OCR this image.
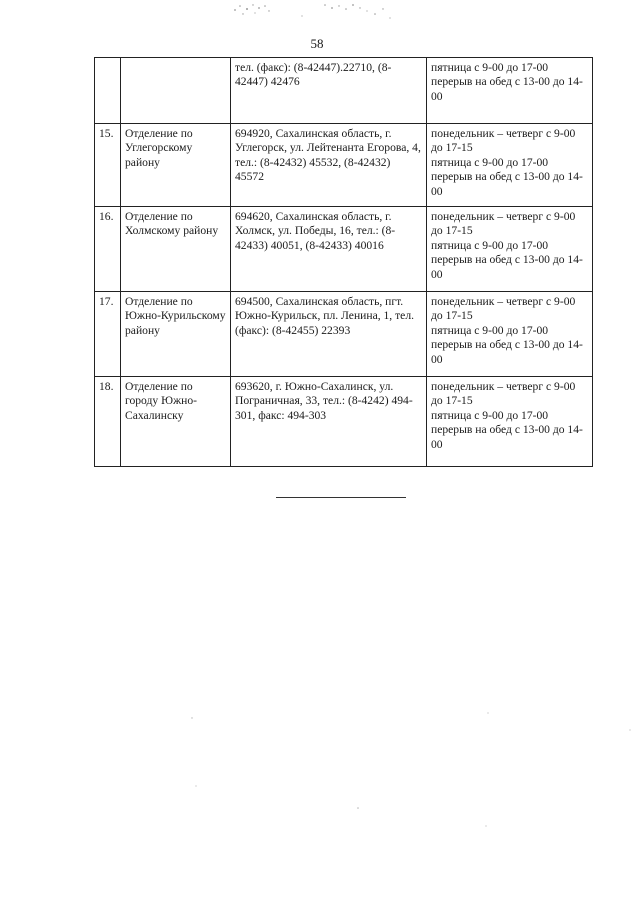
58
		тел. (факс): (8-42447).22710, (8-42447) 42476	пятница с 9-00 до 17-00
перерыв на обед с 13-00 до 14-00

15.	Отделение по Углегорскому району	694920, Сахалинская область, г. Углегорск, ул. Лейтенанта Егорова, 4, тел.: (8-42432) 45532, (8-42432) 45572	понедельник – четверг с 9-00 до 17-15
пятница с 9-00 до 17-00
перерыв на обед с 13-00 до 14-00

16.	Отделение по Холмскому району	694620, Сахалинская область, г. Холмск, ул. Победы, 16, тел.: (8-42433) 40051, (8-42433) 40016	понедельник – четверг с 9-00 до 17-15
пятница с 9-00 до 17-00
перерыв на обед с 13-00 до 14-00

17.	Отделение по Южно-Курильскому району	694500, Сахалинская область, пгт. Южно-Курильск, пл. Ленина, 1, тел. (факс): (8-42455) 22393	понедельник – четверг с 9-00 до 17-15
пятница с 9-00 до 17-00
перерыв на обед с 13-00 до 14-00

18.	Отделение по городу Южно-Сахалинску	693620, г. Южно-Сахалинск, ул. Пограничная, 33, тел.: (8-4242) 494-301, факс: 494-303	понедельник – четверг с 9-00 до 17-15
пятница с 9-00 до 17-00
перерыв на обед с 13-00 до 14-00
